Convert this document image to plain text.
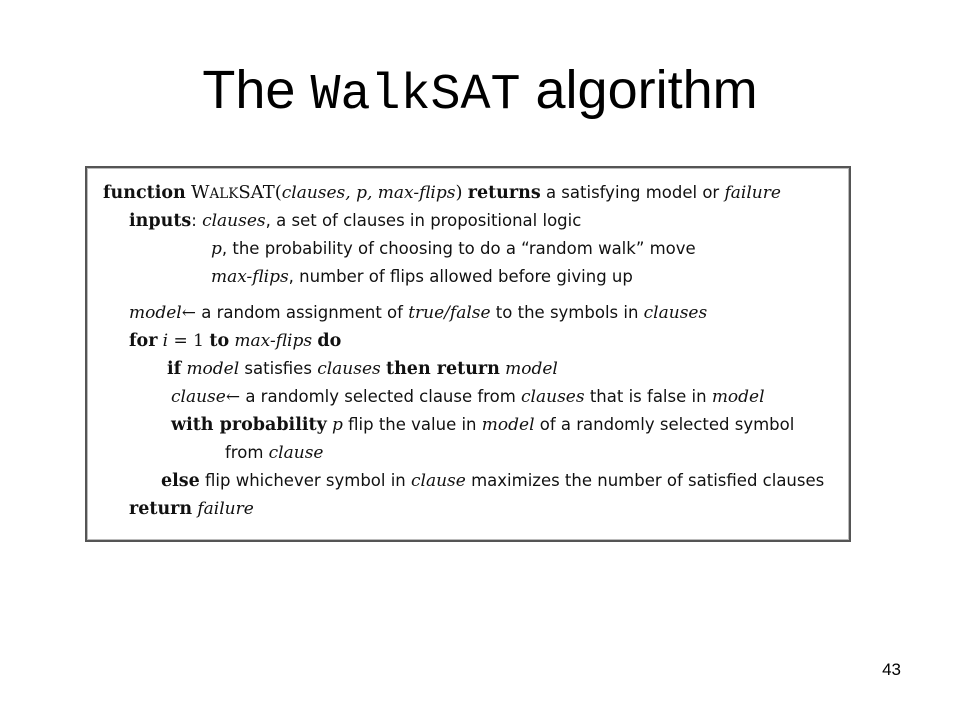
The WalkSAT algorithm
function WALKSAT(clauses, p, max-flips) returns a satisfying model or failure
inputs: clauses, a set of clauses in propositional logic
p, the probability of choosing to do a “random walk” move
max-flips, number of flips allowed before giving up
model← a random assignment of true/false to the symbols in clauses
for i = 1 to max-flips do
if model satisfies clauses then return model
clause← a randomly selected clause from clauses that is false in model
with probability p flip the value in model of a randomly selected symbol
from clause
else flip whichever symbol in clause maximizes the number of satisfied clauses
return failure
43
